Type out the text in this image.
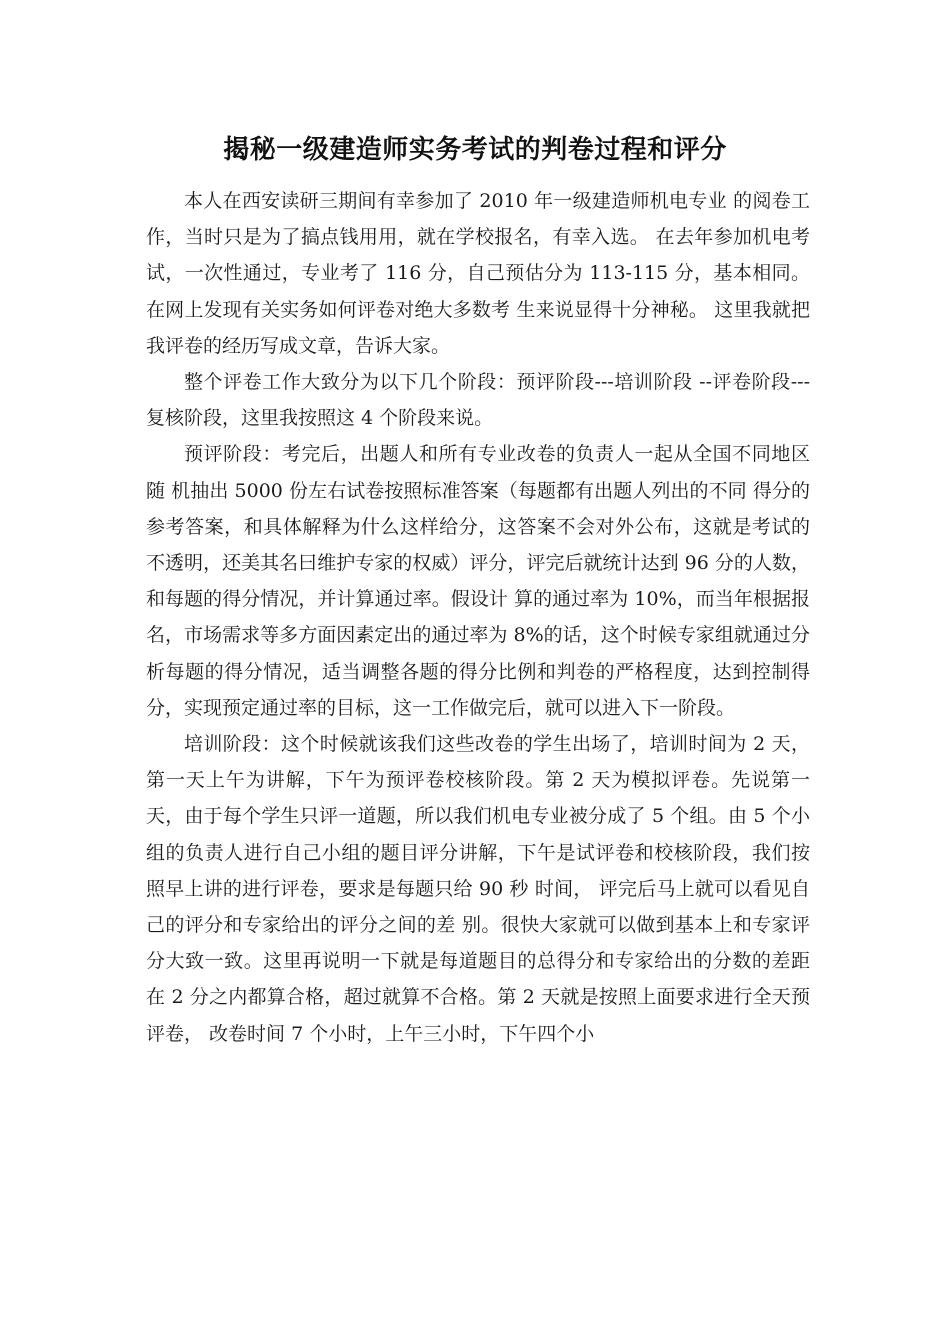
揭秘一级建造师实务考试的判卷过程和评分

本人在西安读研三期间有幸参加了 2010 年一级建造师机电专业 的阅卷工作，当时只是为了搞点钱用用，就在学校报名，有幸入选。 在去年参加机电考试，一次性通过，专业考了 116 分，自己预估分为 113-115 分，基本相同。在网上发现有关实务如何评卷对绝大多数考 生来说显得十分神秘。 这里我就把我评卷的经历写成文章，告诉大家。

整个评卷工作大致分为以下几个阶段：预评阶段---培训阶段 --评卷阶段---复核阶段，这里我按照这 4 个阶段来说。

预评阶段：考完后，出题人和所有专业改卷的负责人一起从全国不同地区随 机抽出 5000 份左右试卷按照标准答案（每题都有出题人列出的不同 得分的参考答案，和具体解释为什么这样给分，这答案不会对外公布，这就是考试的不透明，还美其名曰维护专家的权威）评分，评完后就统计达到 96 分的人数，和每题的得分情况，并计算通过率。假设计 算的通过率为 10%，而当年根据报名，市场需求等多方面因素定出的通过率为 8%的话，这个时候专家组就通过分析每题的得分情况，适当调整各题的得分比例和判卷的严格程度，达到控制得分，实现预定通过率的目标，这一工作做完后，就可以进入下一阶段。

培训阶段：这个时候就该我们这些改卷的学生出场了，培训时间为 2 天，第一天上午为讲解，下午为预评卷校核阶段。第 2 天为模拟评卷。先说第一天，由于每个学生只评一道题，所以我们机电专业被分成了 5 个组。由 5 个小组的负责人进行自己小组的题目评分讲解，下午是试评卷和校核阶段，我们按照早上讲的进行评卷，要求是每题只给 90 秒 时间， 评完后马上就可以看见自己的评分和专家给出的评分之间的差 别。很快大家就可以做到基本上和专家评分大致一致。这里再说明一下就是每道题目的总得分和专家给出的分数的差距在 2 分之内都算合格，超过就算不合格。第 2 天就是按照上面要求进行全天预评卷， 改卷时间 7 个小时，上午三小时，下午四个小
